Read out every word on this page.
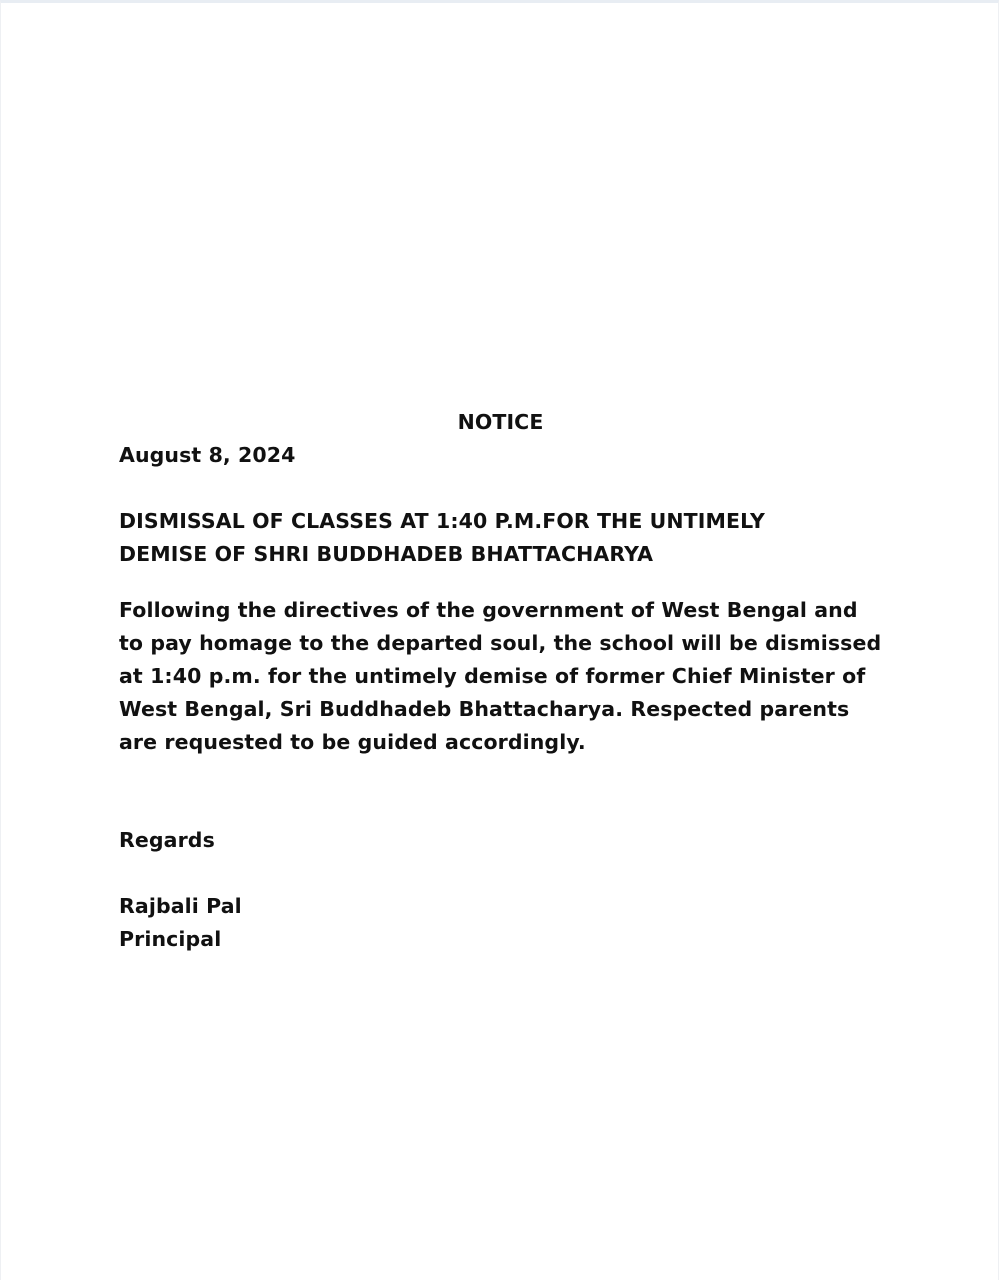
NOTICE

August 8, 2024

DISMISSAL OF CLASSES AT 1:40 P.M.FOR THE UNTIMELY
DEMISE OF SHRI BUDDHADEB BHATTACHARYA
Following the directives of the government of West Bengal and
to pay homage to the departed soul, the school will be dismissed
at 1:40 p.m. for the untimely demise of former Chief Minister of
West Bengal, Sri Buddhadeb Bhattacharya. Respected parents
are requested to be guided accordingly.

Regards

Rajbali Pal

Principal
